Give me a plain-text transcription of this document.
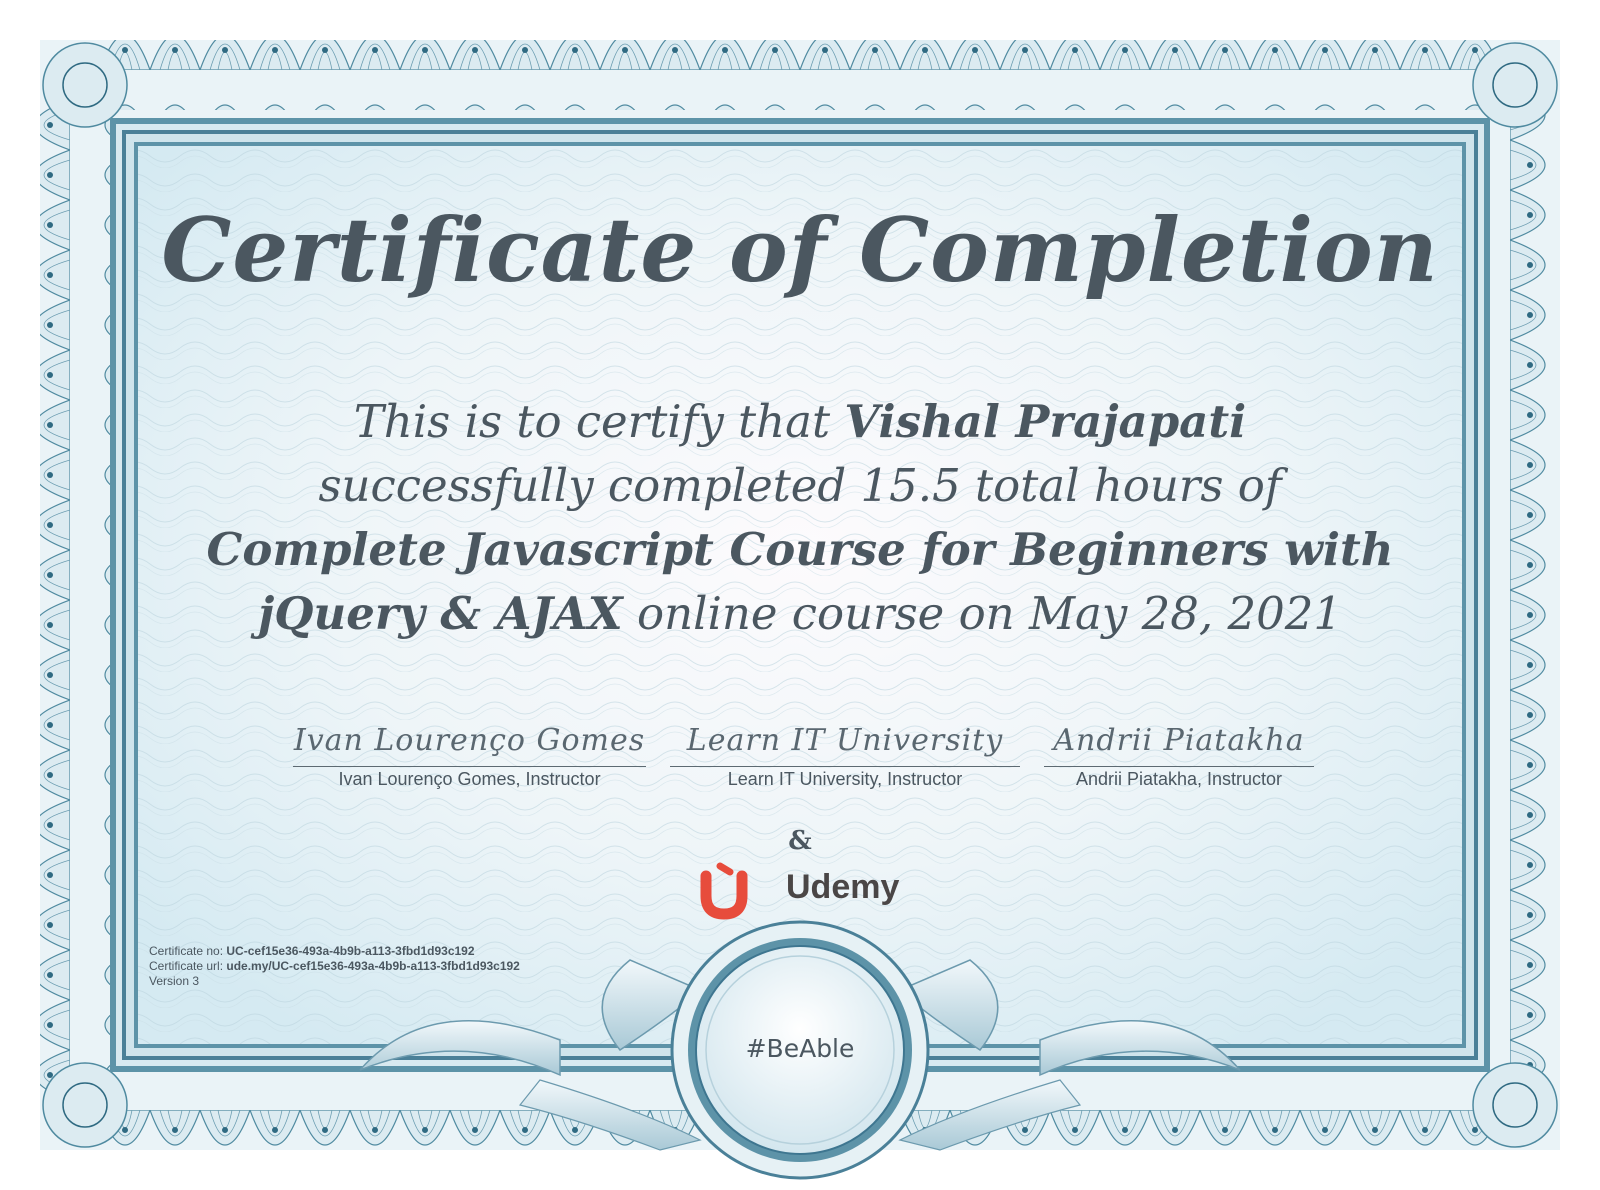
Certificate of Completion
This is to certify that Vishal Prajapati
successfully completed 15.5 total hours of
Complete Javascript Course for Beginners with
jQuery & AJAX online course on May 28, 2021
Ivan Lourenço Gomes
Ivan Lourenço Gomes, Instructor
Learn IT University
Learn IT University, Instructor
Andrii Piatakha
Andrii Piatakha, Instructor
&
Udemy
Certificate no: UC-cef15e36-493a-4b9b-a113-3fbd1d93c192
Certificate url: ude.my/UC-cef15e36-493a-4b9b-a113-3fbd1d93c192
Version 3
#BeAble
